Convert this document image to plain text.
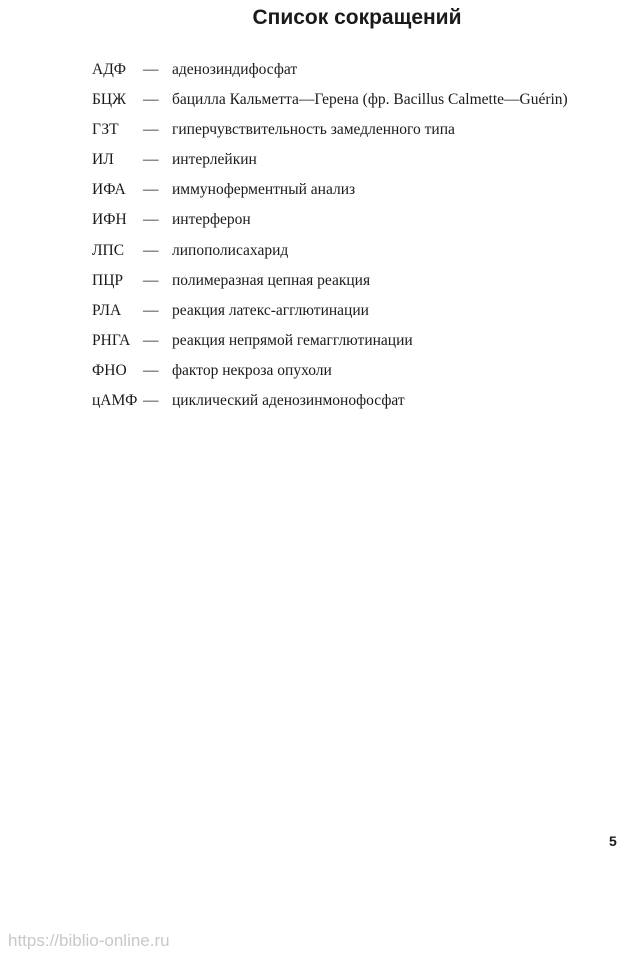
Список сокращений
АДФ — аденозиндифосфат
БЦЖ — бацилла Кальметта—Герена (фр. Bacillus Calmette—Guérin)
ГЗТ — гиперчувствительность замедленного типа
ИЛ — интерлейкин
ИФА — иммуноферментный анализ
ИФН — интерферон
ЛПС — липополисахарид
ПЦР — полимеразная цепная реакция
РЛА — реакция латекс-агглютинации
РНГА — реакция непрямой гемагглютинации
ФНО — фактор некроза опухоли
цАМФ — циклический аденозинмонофосфат
5
https://biblio-online.ru
